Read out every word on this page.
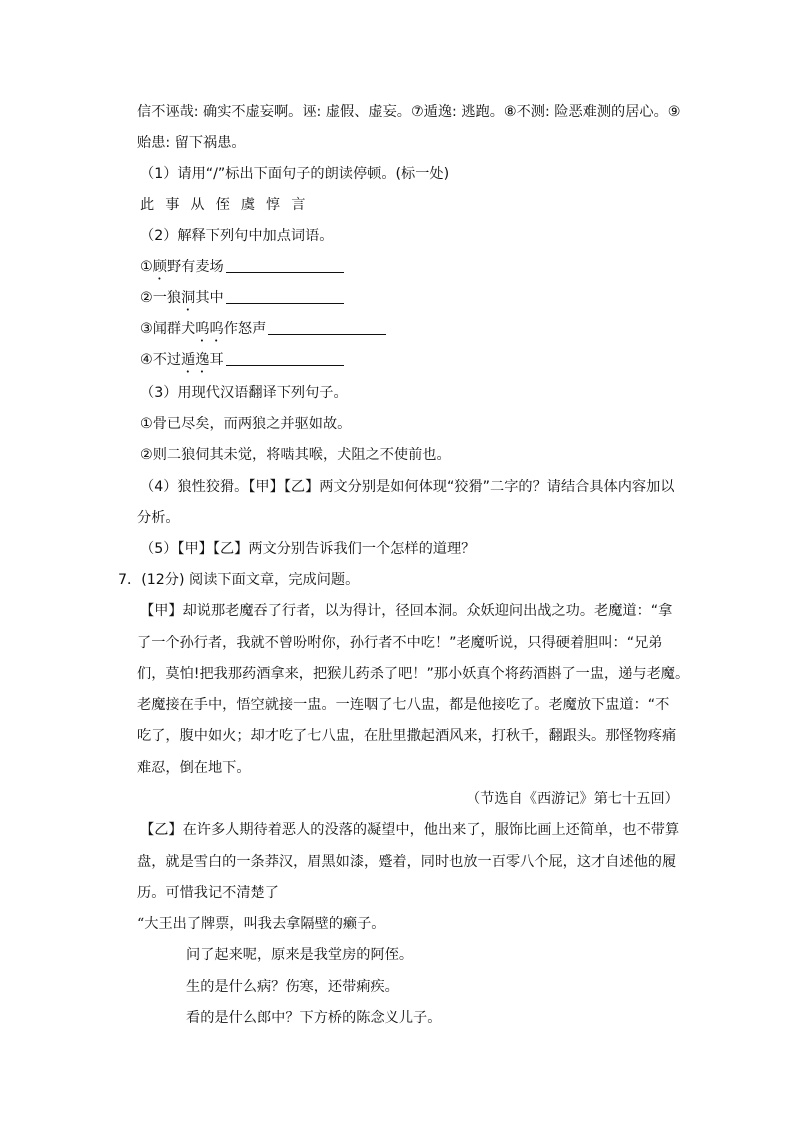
信不诬哉: 确实不虚妄啊。诬: 虚假、虚妄。⑦遁逸: 逃跑。⑧不测: 险恶难测的居心。⑨
贻患: 留下祸患。
（1）请用“/”标出下面句子的朗读停顿。(标一处)
此 事 从 侄 虞 惇 言
（2）解释下列句中加点词语。
①顾野有麦场
②一狼洞其中
③闻群犬呜呜作怒声
④不过遁逸耳
（3）用现代汉语翻译下列句子。
①骨已尽矣，而两狼之并驱如故。
②则二狼伺其未觉，将啮其喉，犬阻之不使前也。
（4）狼性狡猾。【甲】【乙】两文分别是如何体现“狡猾”二字的？请结合具体内容加以
分析。
（5）【甲】【乙】两文分别告诉我们一个怎样的道理？
7．(12分) 阅读下面文章，完成问题。
【甲】却说那老魔吞了行者，以为得计，径回本洞。众妖迎问出战之功。老魔道：“拿
了一个孙行者，我就不曾吩咐你，孙行者不中吃！”老魔听说，只得硬着胆叫：“兄弟
们，莫怕!把我那药酒拿来，把猴儿药杀了吧！”那小妖真个将药酒斟了一盅，递与老魔。
老魔接在手中，悟空就接一盅。一连咽了七八盅，都是他接吃了。老魔放下盅道：“不
吃了，腹中如火；却才吃了七八盅，在肚里撒起酒风来，打秋千，翻跟头。那怪物疼痛
难忍，倒在地下。
（节选自《西游记》第七十五回）
【乙】在许多人期待着恶人的没落的凝望中，他出来了，服饰比画上还简单，也不带算
盘，就是雪白的一条莽汉，眉黑如漆，蹙着，同时也放一百零八个屁，这才自述他的履
历。可惜我记不清楚了
“大王出了牌票，叫我去拿隔壁的癞子。
问了起来呢，原来是我堂房的阿侄。
生的是什么病？伤寒，还带痢疾。
看的是什么郎中？下方桥的陈念义儿子。
